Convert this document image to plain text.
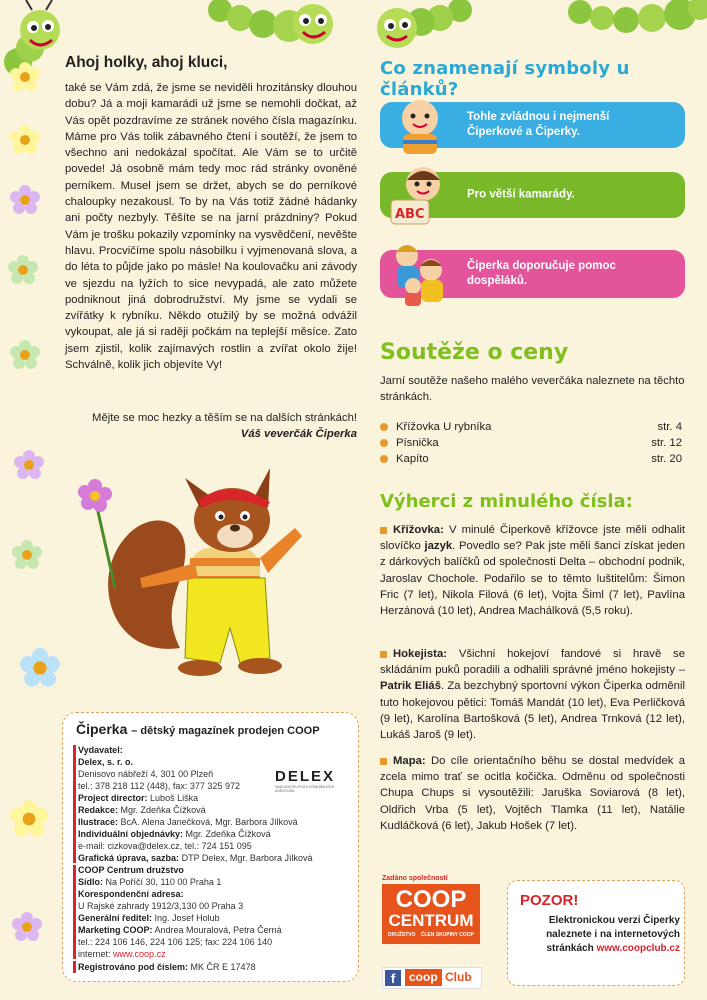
Ahoj holky, ahoj kluci,
také se Vám zdá, že jsme se neviděli hrozitánsky dlouhou dobu? Já a moji kamarádi už jsme se nemohli dočkat, až Vás opět pozdravíme ze stránek nového čísla magazínku. Máme pro Vás tolik zábavného čtení i soutěží, že jsem to všechno ani nedokázal spočítat. Ale Vám se to určitě povede! Já osobně mám tedy moc rád stránky ovoněné perníkem. Musel jsem se držet, abych se do perníkové chaloupky nezakousl. To by na Vás totiž žádné hádanky ani počty nezbyly. Těšíte se na jarní prázdniny? Pokud Vám je trošku pokazily vzpomínky na vysvědčení, nevěšte hlavu. Procvičíme spolu násobilku i vyjmenovaná slova, a do léta to půjde jako po másle! Na koulovačku ani závody ve sjezdu na lyžích to sice nevypadá, ale zato můžete podniknout jiná dobrodružství. My jsme se vydali se zvířátky k rybníku. Někdo otužilý by se možná odvážil vykoupat, ale já si raději počkám na teplejší měsíce. Zato jsem zjistil, kolik zajímavých rostlin a zvířat okolo žije! Schválně, kolik jich objevíte Vy!
Mějte se moc hezky a těším se na dalších stránkách!
Váš veverčák Čiperka
Co znamenají symboly u článků?
Tohle zvládnou i nejmenší Čiperkové a Čiperky.
ABC
Pro větší kamarády.
Čiperka doporučuje pomoc dospěláků.
Soutěže o ceny
Jarní soutěže našeho malého veverčáka naleznete na těchto stránkách.
Křížovka U rybníka	str. 4
Písnička	str. 12
Kapíto	str. 20
Výherci z minulého čísla:
Křížovka: V minulé Čiperkově křížovce jste měli odhalit slovíčko jazyk. Povedlo se? Pak jste měli šanci získat jeden z dárkových balíčků od společnosti Delta – obchodní podnik, Jaroslav Chochole. Podařilo se to těmto luštitelům: Šimon Fric (7 let), Nikola Filová (6 let), Vojta Šiml (7 let), Pavlína Herzánová (10 let), Andrea Machálková (5,5 roku).
Hokejista: Všichni hokejoví fandové si hravě se skládáním puků poradili a odhalili správné jméno hokejisty – Patrik Eliáš. Za bezchybný sportovní výkon Čiperka odměnil tuto hokejovou pětici: Tomáš Mandát (10 let), Eva Perličková (9 let), Karolína Bartošková (5 let), Andrea Trnková (12 let), Lukáš Jaroš (9 let).
Mapa: Do cíle orientačního běhu se dostal medvídek a zcela mimo trať se ocitla kočička. Odměnu od společnosti Chupa Chups si vysoutěžili: Jaruška Soviarová (8 let), Oldřich Vrba (5 let), Vojtěch Tlamka (11 let), Natálie Kudláčková (6 let), Jakub Hošek (7 let).
Čiperka – dětský magazínek prodejen COOP
Vydavatel:
Delex, s. r. o.
Denisovo nábřeží 4, 301 00 Plzeň
tel.: 378 218 112 (448), fax: 377 325 972
Project director: Luboš Liška
Redakce: Mgr. Zdeňka Čížková
Ilustrace: BcA. Alena Janečková, Mgr. Barbora Jílková
Individuální objednávky: Mgr. Zdeňka Čížková
e-mail: cizkova@delex.cz, tel.: 724 151 095
Grafická úprava, sazba: DTP Delex, Mgr. Barbora Jílková
COOP Centrum družstvo
Sídlo: Na Poříčí 30, 110 00 Praha 1
Korespondenční adresa:
U Rajské zahrady 1912/3,130 00 Praha 3
Generální ředitel: Ing. Josef Holub
Marketing COOP: Andrea Mouralová, Petra Černá
tel.: 224 106 146, 224 106 125; fax: 224 106 140
internet: www.coop.cz
Registrováno pod číslem: MK ČR E 17478
DELEX
NAKLADATELSTVÍ A KOMUNIKAČNÍ AGENTURA
Zadáno společností
COOP
CENTRUM
DRUŽSTVO ČLEN SKUPINY COOP
f	coop Club
POZOR!
Elektronickou verzi Čiperky naleznete i na internetových stránkách www.coopclub.cz
